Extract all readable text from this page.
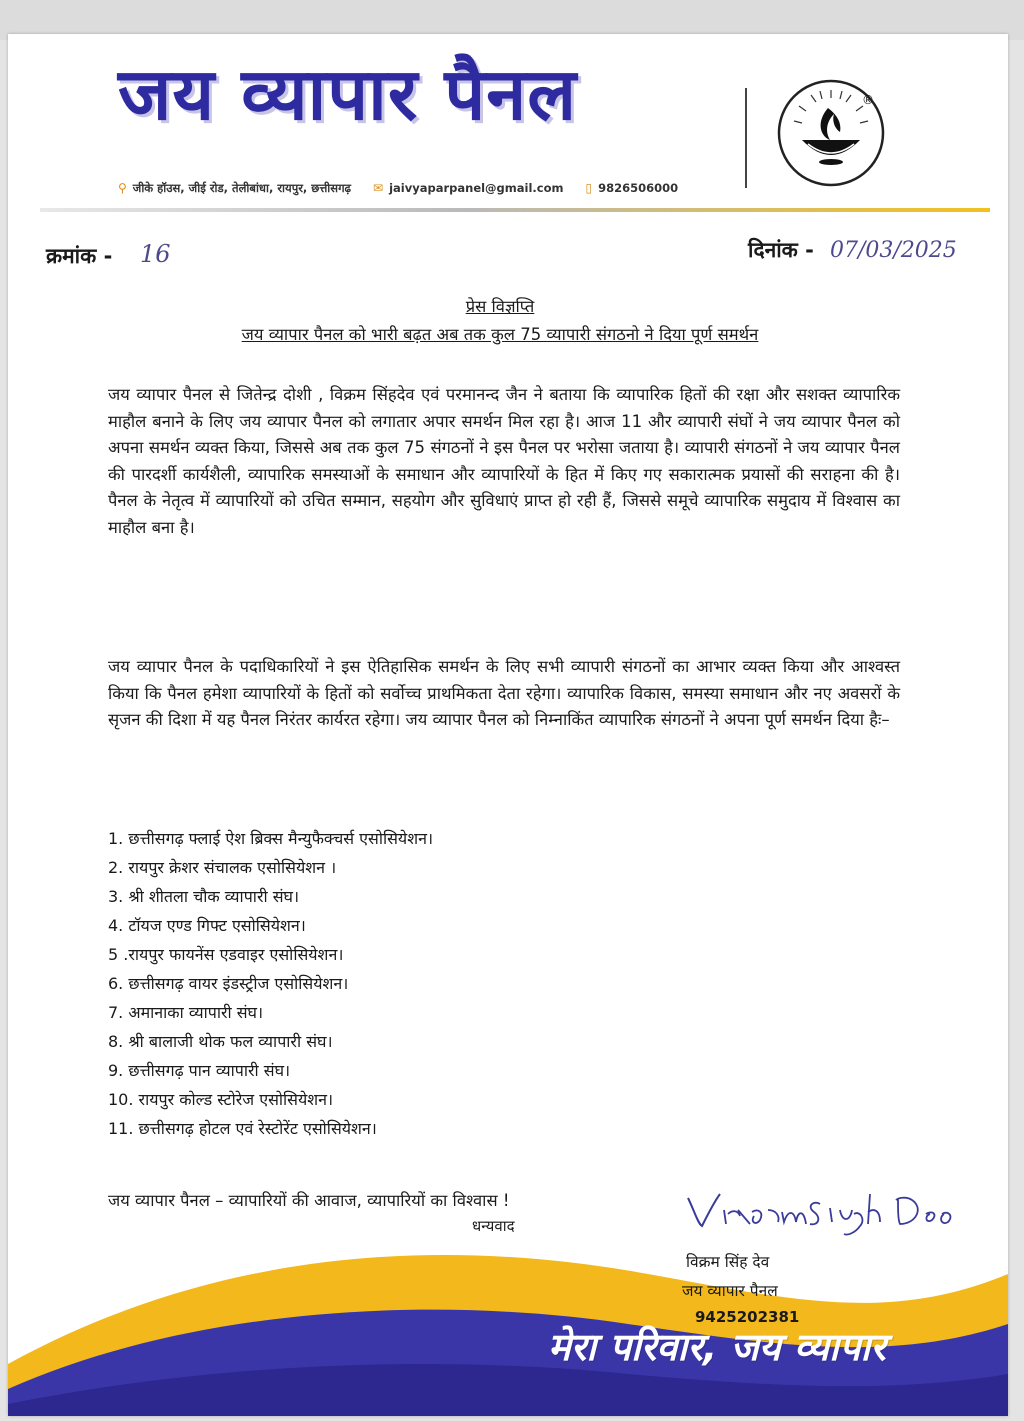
जय व्यापार पैनल
⚲ जीके हॉउस, जीई रोड, तेलीबांधा, रायपुर, छत्तीसगढ़ ✉ jaivyaparpanel@gmail.com ▯ 9826506000
®
क्रमांक - 16	दिनांक - 07/03/2025
प्रेस विज्ञप्ति
जय व्यापार पैनल को भारी बढ़त अब तक कुल 75 व्यापारी संगठनो ने दिया पूर्ण समर्थन

जय व्यापार पैनल से जितेन्द्र दोशी , विक्रम सिंहदेव एवं परमानन्द जैन ने बताया कि व्यापारिक हितों की रक्षा और सशक्त व्यापारिक माहौल बनाने के लिए जय व्यापार पैनल को लगातार अपार समर्थन मिल रहा है। आज 11 और व्यापारी संघों ने जय व्यापार पैनल को अपना समर्थन व्यक्त किया, जिससे अब तक कुल 75 संगठनों ने इस पैनल पर भरोसा जताया है। व्यापारी संगठनों ने जय व्यापार पैनल की पारदर्शी कार्यशैली, व्यापारिक समस्याओं के समाधान और व्यापारियों के हित में किए गए सकारात्मक प्रयासों की सराहना की है। पैनल के नेतृत्व में व्यापारियों को उचित सम्मान, सहयोग और सुविधाएं प्राप्त हो रही हैं, जिससे समूचे व्यापारिक समुदाय में विश्वास का माहौल बना है।

जय व्यापार पैनल के पदाधिकारियों ने इस ऐतिहासिक समर्थन के लिए सभी व्यापारी संगठनों का आभार व्यक्त किया और आश्वस्त किया कि पैनल हमेशा व्यापारियों के हितों को सर्वोच्च प्राथमिकता देता रहेगा। व्यापारिक विकास, समस्या समाधान और नए अवसरों के सृजन की दिशा में यह पैनल निरंतर कार्यरत रहेगा। जय व्यापार पैनल को निम्नाकिंत व्यापारिक संगठनों ने अपना पूर्ण समर्थन दिया हैः–

1. छत्तीसगढ़ फ्लाई ऐश ब्रिक्स मैन्युफैक्चर्स एसोसियेशन।
2. रायपुर क्रेशर संचालक एसोसियेशन ।
3. श्री शीतला चौक व्यापारी संघ।
4. टॉयज एण्ड गिफ्ट एसोसियेशन।
5 .रायपुर फायनेंस एडवाइर एसोसियेशन।
6. छत्तीसगढ़ वायर इंडस्ट्रीज एसोसियेशन।
7. अमानाका व्यापारी संघ।
8. श्री बालाजी थोक फल व्यापारी संघ।
9. छत्तीसगढ़ पान व्यापारी संघ।
10. रायपुर कोल्ड स्टोरेज एसोसियेशन।
11. छत्तीसगढ़ होटल एवं रेस्टोरेंट एसोसियेशन।
जय व्यापार पैनल – व्यापारियों की आवाज, व्यापारियों का विश्वास !
धन्यवाद
विक्रम सिंह देव
जय व्यापार पैनल
9425202381
मेरा परिवार, जय व्यापार
